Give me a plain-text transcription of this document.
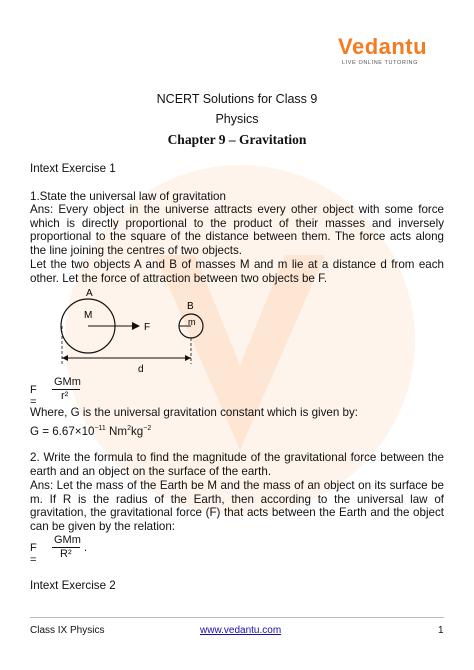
Vedantu
LIVE ONLINE TUTORING
NCERT Solutions for Class 9
Physics
Chapter 9 – Gravitation
Intext Exercise 1
1.State the universal law of gravitation
Ans: Every object in the universe attracts every other object with some force which is directly proportional to the product of their masses and inversely proportional to the square of the distance between them. The force acts along the line joining the centres of two objects.
Let the two objects A and B of masses M and m lie at a distance d from each other. Let the force of attraction between two objects be F.
A
M
B
m
F
d
F =
GMm
r²
Where, G is the universal gravitation constant which is given by:
$G = 6.67\times 10^{-11}$ $Nm^2kg^{-2}$
2. Write the formula to find the magnitude of the gravitational force between the earth and an object on the surface of the earth.
Ans: Let the mass of the Earth be M and the mass of an object on its surface be m. If R is the radius of the Earth, then according to the universal law of gravitation, the gravitational force (F) that acts between the Earth and the object can be given by the relation:
F =
GMm
R² .
Intext Exercise 2
Class IX Physics	www.vedantu.com	1
